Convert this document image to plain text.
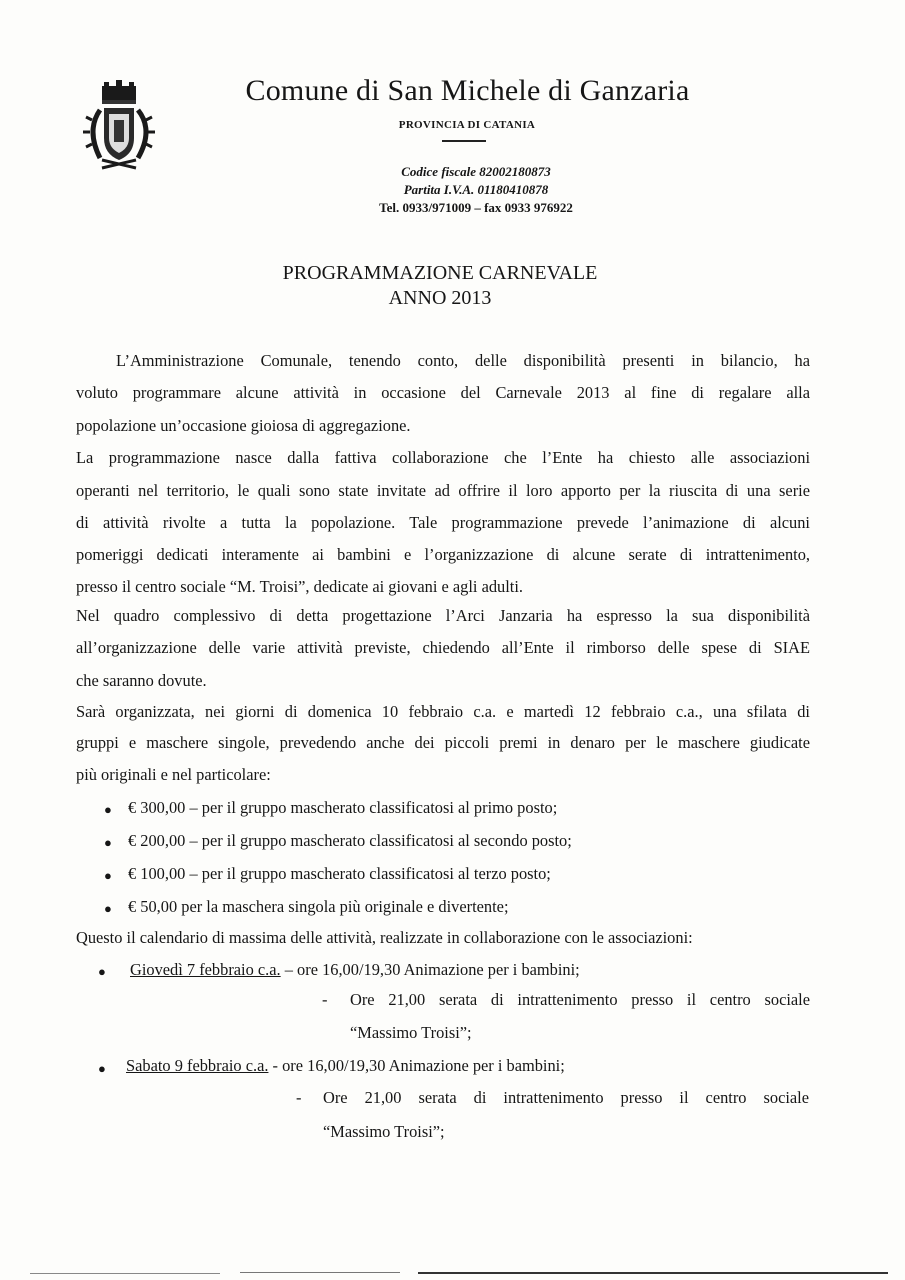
Comune di San Michele di Ganzaria
PROVINCIA DI CATANIA
Codice fiscale 82002180873
Partita I.V.A. 01180410878
Tel. 0933/971009 – fax 0933 976922
PROGRAMMAZIONE CARNEVALE
ANNO 2013
L’Amministrazione Comunale, tenendo conto, delle disponibilità presenti in bilancio, ha
voluto programmare alcune attività in occasione del Carnevale 2013 al fine di regalare alla
popolazione un’occasione gioiosa di aggregazione.
La programmazione nasce dalla fattiva collaborazione che l’Ente ha chiesto alle associazioni
operanti nel territorio, le quali sono state invitate ad offrire il loro apporto per la riuscita di una serie
di attività rivolte a tutta la popolazione. Tale programmazione prevede l’animazione di alcuni
pomeriggi dedicati interamente ai bambini e l’organizzazione di alcune serate di intrattenimento,
presso il centro sociale “M. Troisi”, dedicate ai giovani e agli adulti.
Nel quadro complessivo di detta progettazione l’Arci Janzaria ha espresso la sua disponibilità
all’organizzazione delle varie attività previste, chiedendo all’Ente il rimborso delle spese di SIAE
che saranno dovute.
Sarà organizzata, nei giorni di domenica 10 febbraio c.a. e martedì 12 febbraio c.a., una sfilata di
gruppi e maschere singole, prevedendo anche dei piccoli premi in denaro per le maschere giudicate
più originali e nel particolare:
● € 300,00 – per il gruppo mascherato classificatosi al primo posto;
● € 200,00 – per il gruppo mascherato classificatosi al secondo posto;
● € 100,00 – per il gruppo mascherato classificatosi al terzo posto;
● € 50,00 per la maschera singola più originale e divertente;
Questo il calendario di massima delle attività, realizzate in collaborazione con le associazioni:
● Giovedì 7 febbraio c.a. – ore 16,00/19,30 Animazione per i bambini;
- Ore 21,00 serata di intrattenimento presso il centro sociale
“Massimo Troisi”;
● Sabato 9 febbraio c.a. - ore 16,00/19,30 Animazione per i bambini;
- Ore 21,00 serata di intrattenimento presso il centro sociale
“Massimo Troisi”;
